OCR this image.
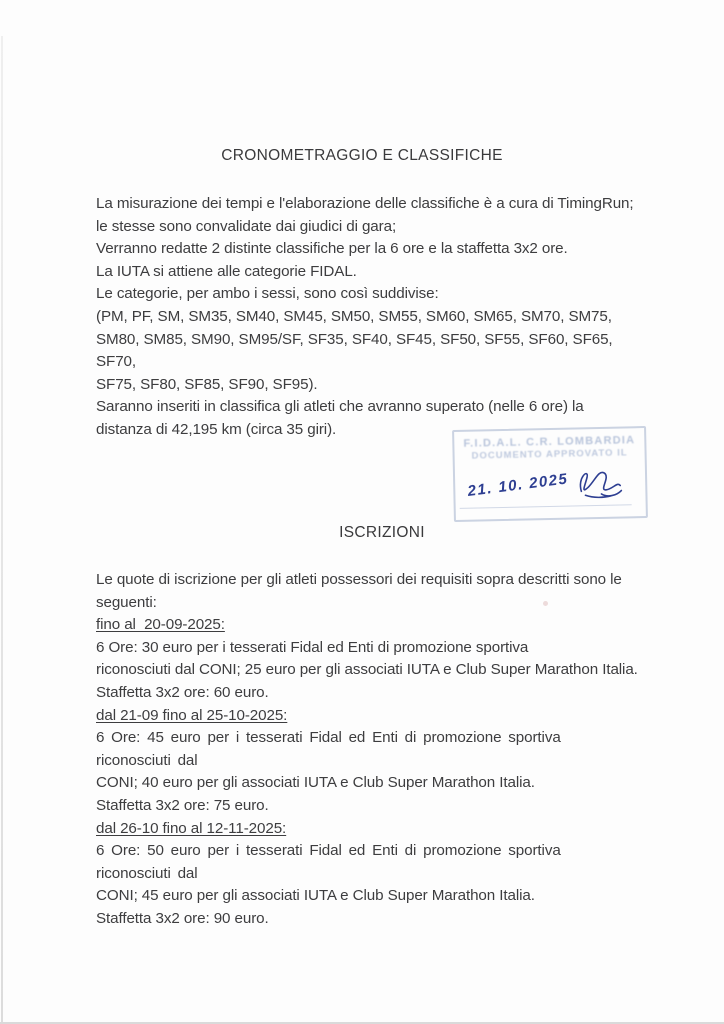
CRONOMETRAGGIO E CLASSIFICHE
La misurazione dei tempi e l'elaborazione delle classifiche è a cura di TimingRun;
le stesse sono convalidate dai giudici di gara;
Verranno redatte 2 distinte classifiche per la 6 ore e la staffetta 3x2 ore.
La IUTA si attiene alle categorie FIDAL.
Le categorie, per ambo i sessi, sono così suddivise:
(PM, PF, SM, SM35, SM40, SM45, SM50, SM55, SM60, SM65, SM70, SM75,
SM80, SM85, SM90, SM95/SF, SF35, SF40, SF45, SF50, SF55, SF60, SF65, SF70,
SF75, SF80, SF85, SF90, SF95).
Saranno inseriti in classifica gli atleti che avranno superato (nelle 6 ore) la
distanza di 42,195 km (circa 35 giri).
F.I.D.A.L. C.R. LOMBARDIA
DOCUMENTO APPROVATO IL
21. 10. 2025
ISCRIZIONI
Le quote di iscrizione per gli atleti possessori dei requisiti sopra descritti sono le
seguenti:
fino al  20-09-2025:
6 Ore: 30 euro per i tesserati Fidal ed Enti di promozione sportiva
riconosciuti dal CONI; 25 euro per gli associati IUTA e Club Super Marathon Italia.
Staffetta 3x2 ore: 60 euro.
dal 21-09 fino al 25-10-2025:
6 Ore: 45 euro per i tesserati Fidal ed Enti di promozione sportiva riconosciuti dal
CONI; 40 euro per gli associati IUTA e Club Super Marathon Italia.
Staffetta 3x2 ore: 75 euro.
dal 26-10 fino al 12-11-2025:
6 Ore: 50 euro per i tesserati Fidal ed Enti di promozione sportiva riconosciuti dal
CONI; 45 euro per gli associati IUTA e Club Super Marathon Italia.
Staffetta 3x2 ore: 90 euro.
